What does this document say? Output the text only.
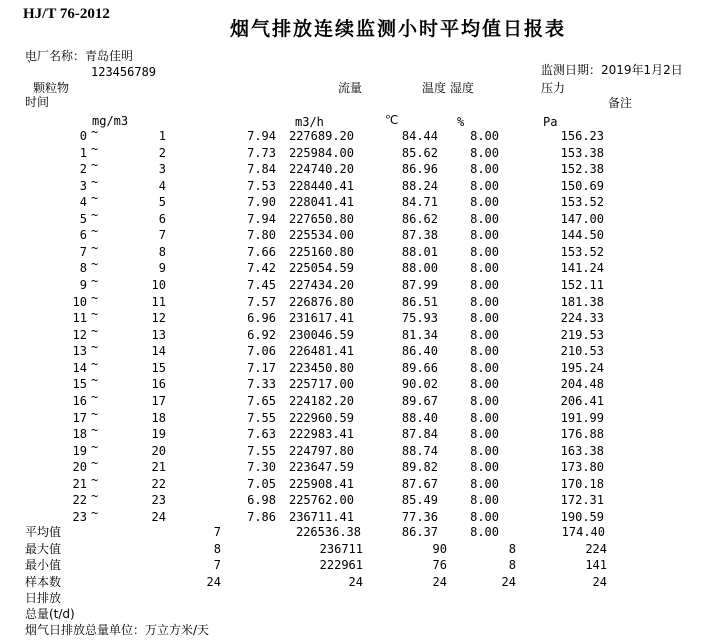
HJ/T 76-2012
烟气排放连续监测小时平均值日报表
电厂名称：青岛佳明
`	123456789	监测日期：2019年1月2日
颗粒物	流量	温度 湿度	压力
时间	备注
mg/m3	m3/h	℃	%	Pa
0 ~	1	7.94	227689.20	84.44	8.00	156.23
1 ~	2	7.73	225984.00	85.62	8.00	153.38
2 ~	3	7.84	224740.20	86.96	8.00	152.38
3 ~	4	7.53	228440.41	88.24	8.00	150.69
4 ~	5	7.90	228041.41	84.71	8.00	153.52
5 ~	6	7.94	227650.80	86.62	8.00	147.00
6 ~	7	7.80	225534.00	87.38	8.00	144.50
7 ~	8	7.66	225160.80	88.01	8.00	153.52
8 ~	9	7.42	225054.59	88.00	8.00	141.24
9 ~	10	7.45	227434.20	87.99	8.00	152.11
10 ~	11	7.57	226876.80	86.51	8.00	181.38
11 ~	12	6.96	231617.41	75.93	8.00	224.33
12 ~	13	6.92	230046.59	81.34	8.00	219.53
13 ~	14	7.06	226481.41	86.40	8.00	210.53
14 ~	15	7.17	223450.80	89.66	8.00	195.24
15 ~	16	7.33	225717.00	90.02	8.00	204.48
16 ~	17	7.65	224182.20	89.67	8.00	206.41
17 ~	18	7.55	222960.59	88.40	8.00	191.99
18 ~	19	7.63	222983.41	87.84	8.00	176.88
19 ~	20	7.55	224797.80	88.74	8.00	163.38
20 ~	21	7.30	223647.59	89.82	8.00	173.80
21 ~	22	7.05	225908.41	87.67	8.00	170.18
22 ~	23	6.98	225762.00	85.49	8.00	172.31
23 ~	24	7.86	236711.41	77.36	8.00	190.59
平均值	7	226536.38	86.37	8.00	174.40
最大值	8	236711	90	8	224
最小值	7	222961	76	8	141
样本数	24	24	24	24	24
日排放
总量(t/d)
烟气日排放总量单位：万立方米/天
